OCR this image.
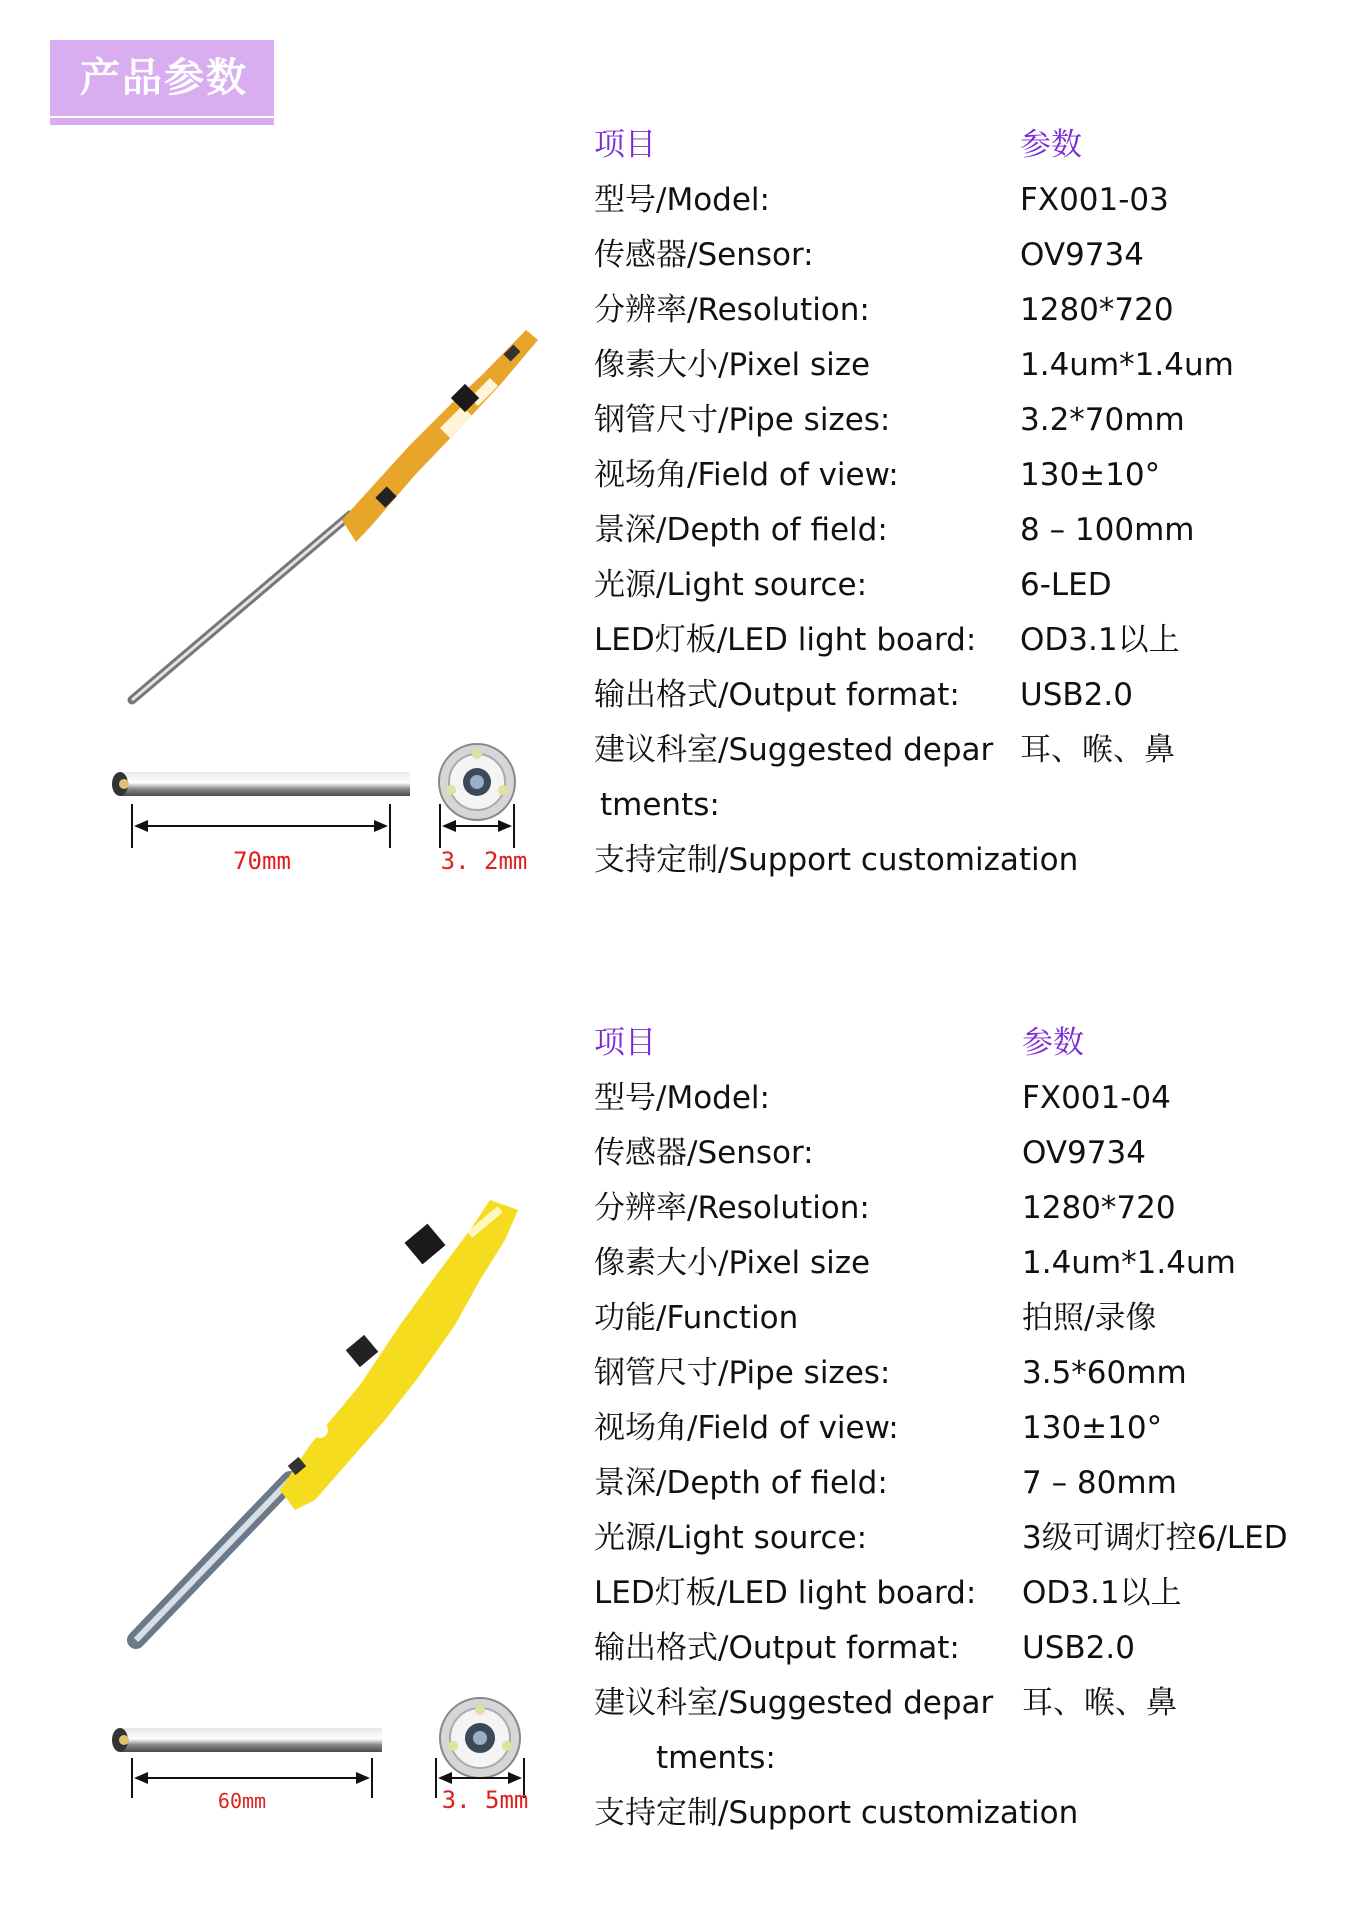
产品参数
70mm	3. 2mm
项目	参数
型号/Model:	FX001-03
传感器/Sensor:	OV9734
分辨率/Resolution:	1280*720
像素大小/Pixel size	1.4um*1.4um
钢管尺寸/Pipe sizes:	3.2*70mm
视场角/Field of view:	130±10°
景深/Depth of field:	8 – 100mm
光源/Light source:	6-LED
LED灯板/LED light board: OD3.1以上
输出格式/Output format: USB2.0
建议科室/Suggested depar 耳、喉、鼻
tments:
支持定制/Support customization
60mm	3. 5mm
项目	参数
型号/Model:	FX001-04
传感器/Sensor:	OV9734
分辨率/Resolution:	1280*720
像素大小/Pixel size	1.4um*1.4um
功能/Function	拍照/录像
钢管尺寸/Pipe sizes:	3.5*60mm
视场角/Field of view:	130±10°
景深/Depth of field:	7 – 80mm
光源/Light source:	3级可调灯控6/LED
LED灯板/LED light board: OD3.1以上
输出格式/Output format: USB2.0
建议科室/Suggested depar 耳、喉、鼻
tments:
支持定制/Support customization
